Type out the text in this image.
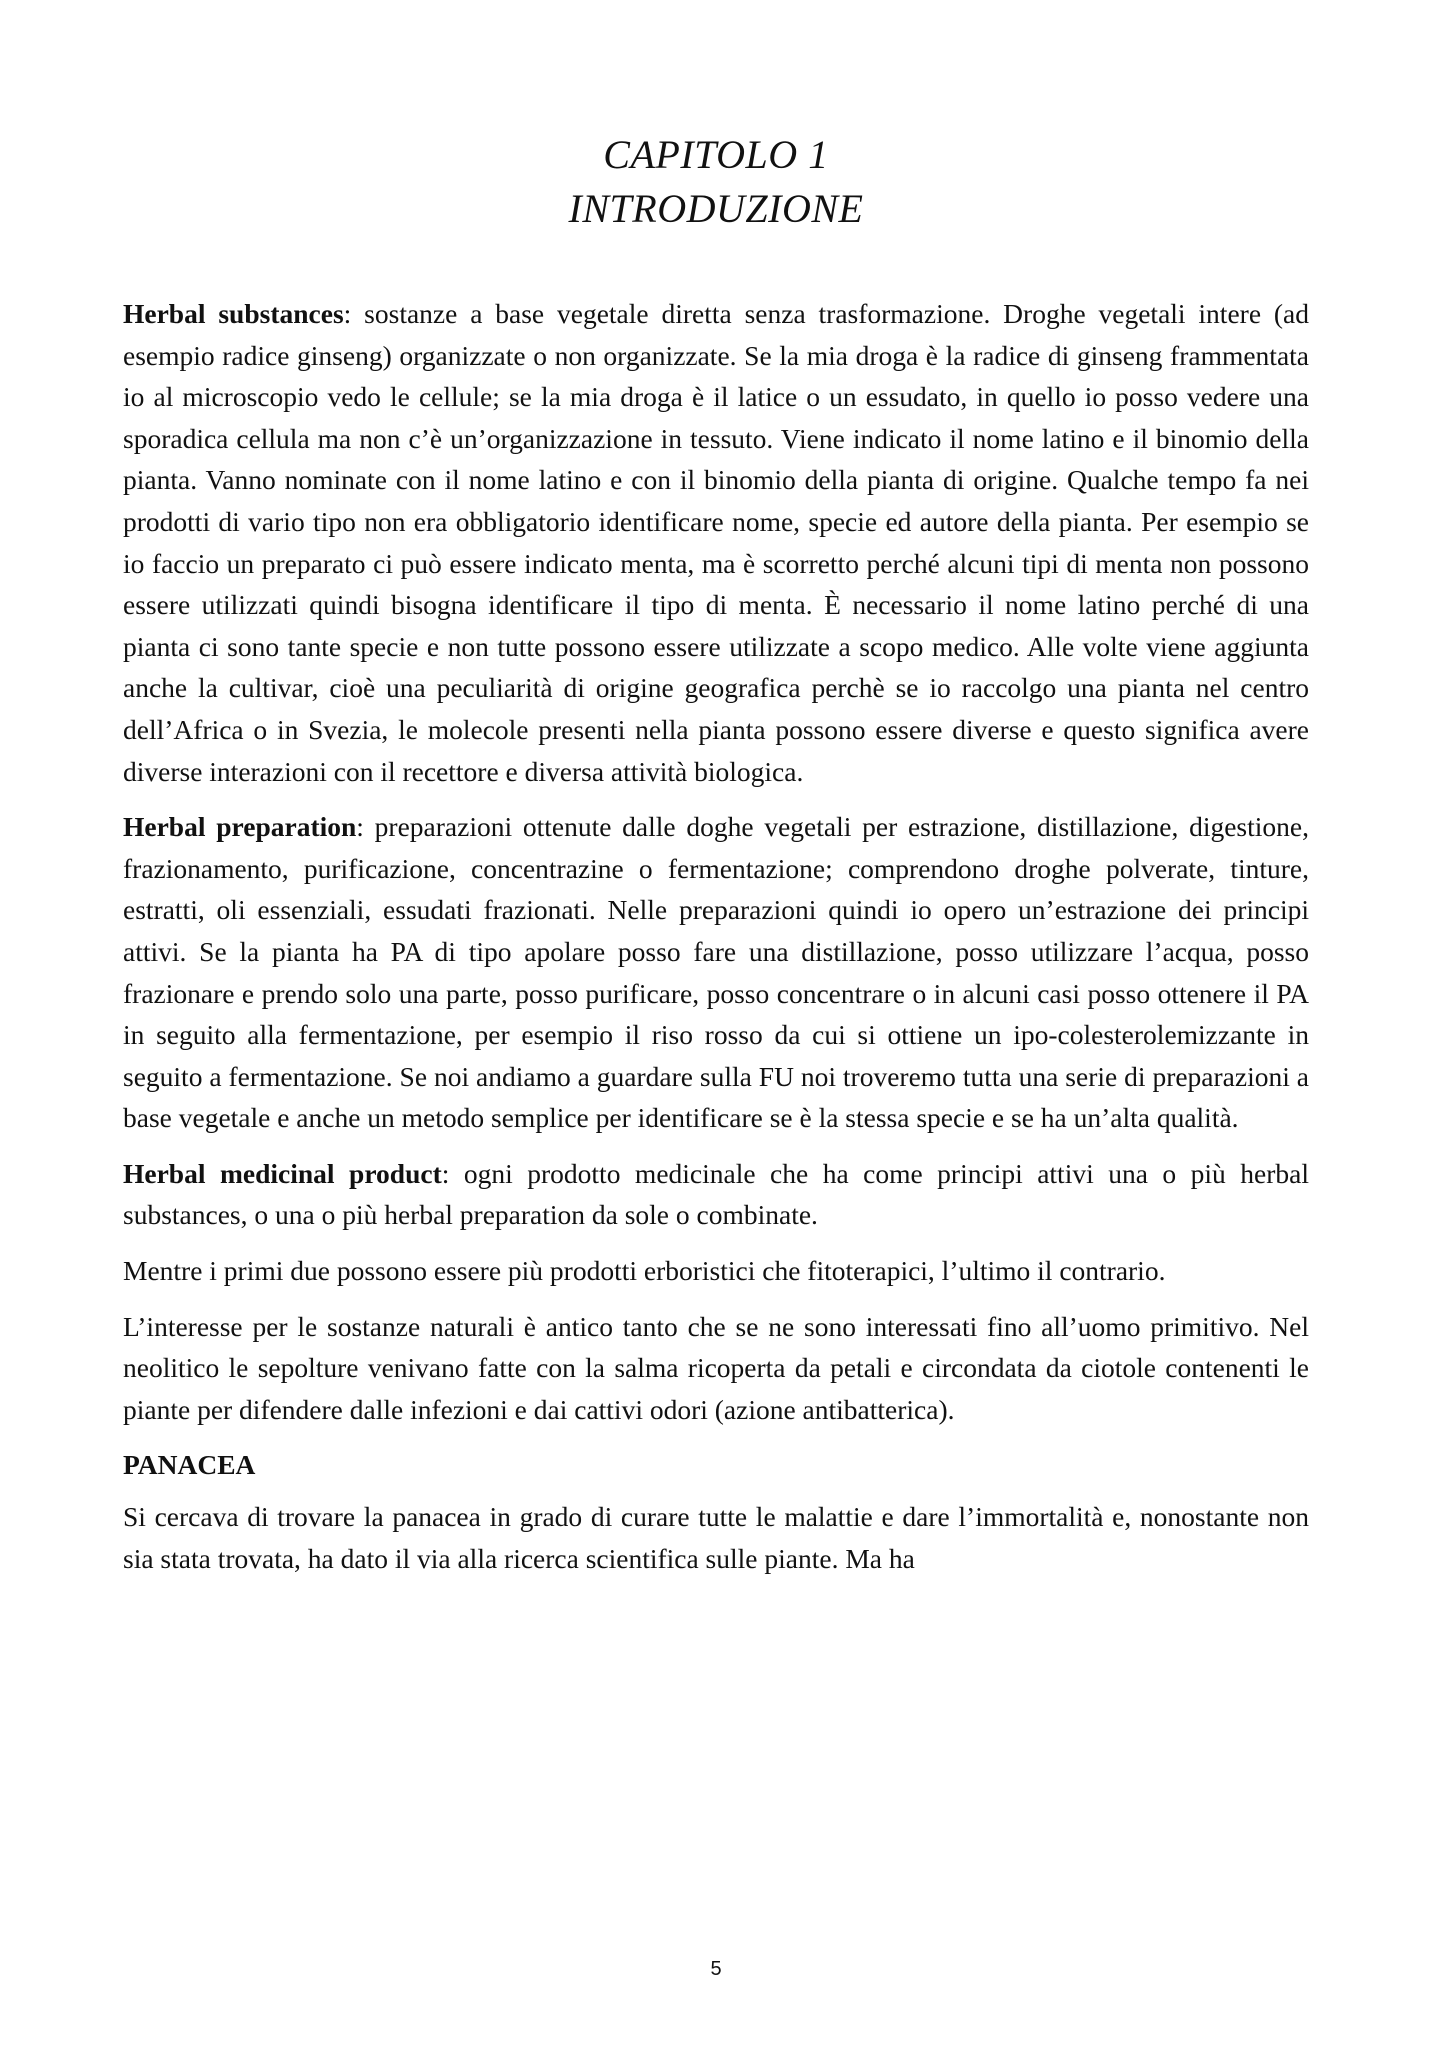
CAPITOLO 1
INTRODUZIONE

Herbal substances: sostanze a base vegetale diretta senza trasformazione. Droghe vegetali intere (ad esempio radice ginseng) organizzate o non organizzate. Se la mia droga è la radice di ginseng frammentata io al microscopio vedo le cellule; se la mia droga è il latice o un essudato, in quello io posso vedere una sporadica cellula ma non c’è un’organizzazione in tessuto. Viene indicato il nome latino e il binomio della pianta. Vanno nominate con il nome latino e con il binomio della pianta di origine. Qualche tempo fa nei prodotti di vario tipo non era obbligatorio identificare nome, specie ed autore della pianta. Per esempio se io faccio un preparato ci può essere indicato menta, ma è scorretto perché alcuni tipi di menta non possono essere utilizzati quindi bisogna identificare il tipo di menta. È necessario il nome latino perché di una pianta ci sono tante specie e non tutte possono essere utilizzate a scopo medico. Alle volte viene aggiunta anche la cultivar, cioè una peculiarità di origine geografica perchè se io raccolgo una pianta nel centro dell’Africa o in Svezia, le molecole presenti nella pianta possono essere diverse e questo significa avere diverse interazioni con il recettore e diversa attività biologica.

Herbal preparation: preparazioni ottenute dalle doghe vegetali per estrazione, distillazione, digestione, frazionamento, purificazione, concentrazine o fermentazione; comprendono droghe polverate, tinture, estratti, oli essenziali, essudati frazionati. Nelle preparazioni quindi io opero un’estrazione dei principi attivi. Se la pianta ha PA di tipo apolare posso fare una distillazione, posso utilizzare l’acqua, posso frazionare e prendo solo una parte, posso purificare, posso concentrare o in alcuni casi posso ottenere il PA in seguito alla fermentazione, per esempio il riso rosso da cui si ottiene un ipo-colesterolemizzante in seguito a fermentazione. Se noi andiamo a guardare sulla FU noi troveremo tutta una serie di preparazioni a base vegetale e anche un metodo semplice per identificare se è la stessa specie e se ha un’alta qualità.

Herbal medicinal product: ogni prodotto medicinale che ha come principi attivi una o più herbal substances, o una o più herbal preparation da sole o combinate.

Mentre i primi due possono essere più prodotti erboristici che fitoterapici, l’ultimo il contrario.

L’interesse per le sostanze naturali è antico tanto che se ne sono interessati fino all’uomo primitivo. Nel neolitico le sepolture venivano fatte con la salma ricoperta da petali e circondata da ciotole contenenti le piante per difendere dalle infezioni e dai cattivi odori (azione antibatterica).

PANACEA

Si cercava di trovare la panacea in grado di curare tutte le malattie e dare l’immortalità e, nonostante non sia stata trovata, ha dato il via alla ricerca scientifica sulle piante. Ma ha

5
